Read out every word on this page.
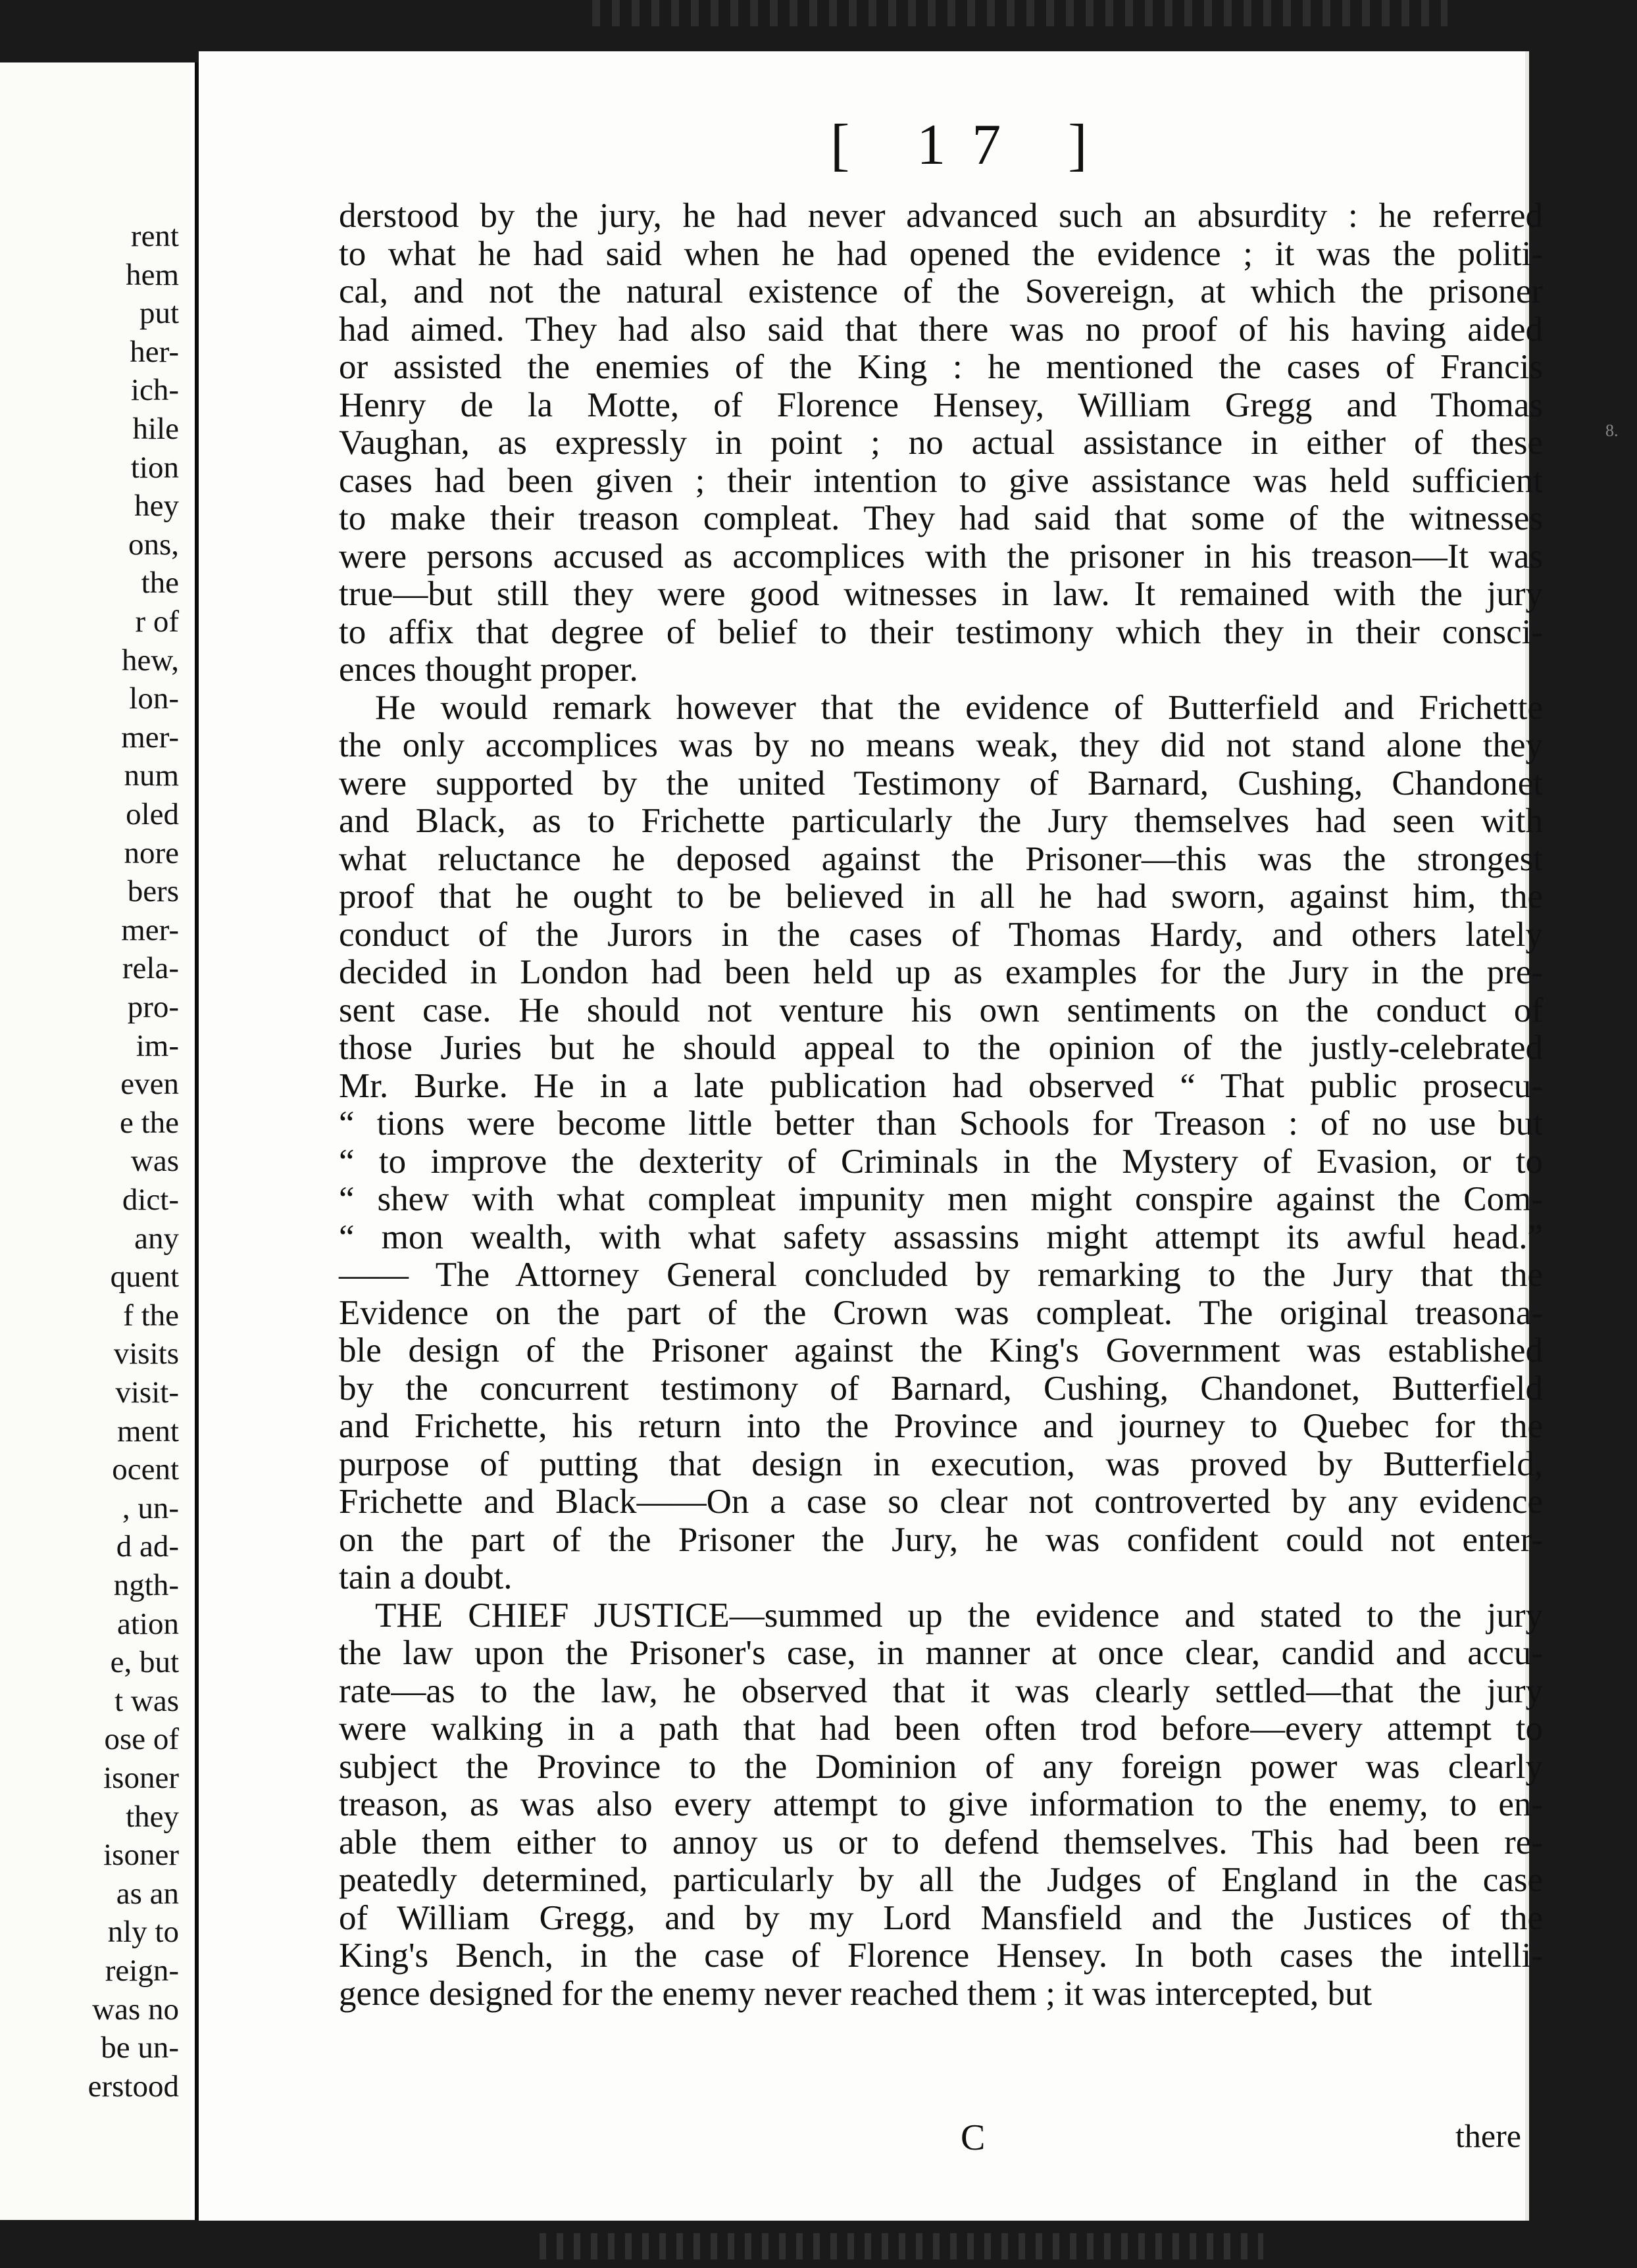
rent
hem
put
her-
ich-
hile
tion
hey
ons,
the
r of
hew,
lon-
mer-
num
oled
nore
bers
mer-
rela-
pro-
im-
even
e the
was
dict-
any
quent
f the
visits
visit-
ment
ocent
, un-
d ad-
ngth-
ation
e, but
t was
ose of
isoner
they
isoner
as an
nly to
reign-
was no
be un-
erstood
[ 17 ]
derstood by the jury, he had never advanced such an absurdity : he referred
to what he had said when he had opened the evidence ; it was the politi-
cal, and not the natural existence of the Sovereign, at which the prisoner
had aimed. They had also said that there was no proof of his having aided
or assisted the enemies of the King : he mentioned the cases of Francis
Henry de la Motte, of Florence Hensey, William Gregg and Thomas
Vaughan, as expressly in point ; no actual assistance in either of these
cases had been given ; their intention to give assistance was held sufficient
to make their treason compleat. They had said that some of the witnesses
were persons accused as accomplices with the prisoner in his treason—It was
true—but still they were good witnesses in law. It remained with the jury
to affix that degree of belief to their testimony which they in their consci-
ences thought proper.
He would remark however that the evidence of Butterfield and Frichette
the only accomplices was by no means weak, they did not stand alone they
were supported by the united Testimony of Barnard, Cushing, Chandonet
and Black, as to Frichette particularly the Jury themselves had seen with
what reluctance he deposed against the Prisoner—this was the strongest
proof that he ought to be believed in all he had sworn, against him, the
conduct of the Jurors in the cases of Thomas Hardy, and others lately
decided in London had been held up as examples for the Jury in the pre-
sent case. He should not venture his own sentiments on the conduct of
those Juries but he should appeal to the opinion of the justly-celebrated
Mr. Burke. He in a late publication had observed “ That public prosecu-
“ tions were become little better than Schools for Treason : of no use but
“ to improve the dexterity of Criminals in the Mystery of Evasion, or to
“ shew with what compleat impunity men might conspire against the Com-
“ mon wealth, with what safety assassins might attempt its awful head.”
—— The Attorney General concluded by remarking to the Jury that the
Evidence on the part of the Crown was compleat. The original treasona-
ble design of the Prisoner against the King's Government was established
by the concurrent testimony of Barnard, Cushing, Chandonet, Butterfield
and Frichette, his return into the Province and journey to Quebec for the
purpose of putting that design in execution, was proved by Butterfield,
Frichette and Black——On a case so clear not controverted by any evidence
on the part of the Prisoner the Jury, he was confident could not enter-
tain a doubt.
THE CHIEF JUSTICE—summed up the evidence and stated to the jury
the law upon the Prisoner's case, in manner at once clear, candid and accu-
rate—as to the law, he observed that it was clearly settled—that the jury
were walking in a path that had been often trod before—every attempt to
subject the Province to the Dominion of any foreign power was clearly
treason, as was also every attempt to give information to the enemy, to en-
able them either to annoy us or to defend themselves. This had been re-
peatedly determined, particularly by all the Judges of England in the case
of William Gregg, and by my Lord Mansfield and the Justices of the
King's Bench, in the case of Florence Hensey. In both cases the intelli-
gence designed for the enemy never reached them ; it was intercepted, but
C	there
8.
